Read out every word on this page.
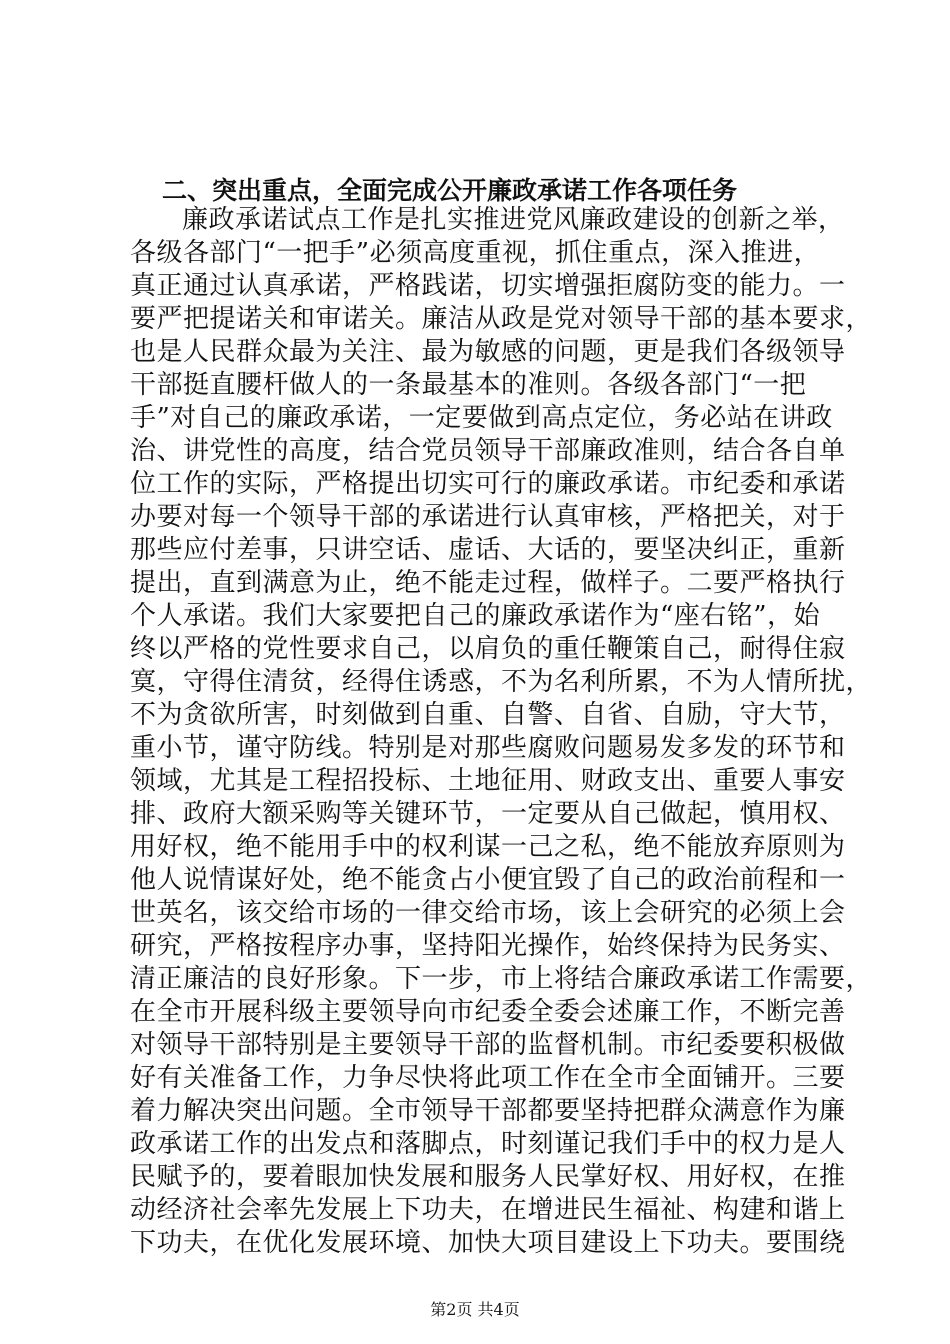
二、突出重点，全面完成公开廉政承诺工作各项任务
廉政承诺试点工作是扎实推进党风廉政建设的创新之举，
各级各部门“一把手”必须高度重视，抓住重点，深入推进，
真正通过认真承诺，严格践诺，切实增强拒腐防变的能力。一
要严把提诺关和审诺关。廉洁从政是党对领导干部的基本要求，
也是人民群众最为关注、最为敏感的问题，更是我们各级领导
干部挺直腰杆做人的一条最基本的准则。各级各部门“一把
手”对自己的廉政承诺，一定要做到高点定位，务必站在讲政
治、讲党性的高度，结合党员领导干部廉政准则，结合各自单
位工作的实际，严格提出切实可行的廉政承诺。市纪委和承诺
办要对每一个领导干部的承诺进行认真审核，严格把关，对于
那些应付差事，只讲空话、虚话、大话的，要坚决纠正，重新
提出，直到满意为止，绝不能走过程，做样子。二要严格执行
个人承诺。我们大家要把自己的廉政承诺作为“座右铭”，始
终以严格的党性要求自己，以肩负的重任鞭策自己，耐得住寂
寞，守得住清贫，经得住诱惑，不为名利所累，不为人情所扰，
不为贪欲所害，时刻做到自重、自警、自省、自励，守大节，
重小节，谨守防线。特别是对那些腐败问题易发多发的环节和
领域，尤其是工程招投标、土地征用、财政支出、重要人事安
排、政府大额采购等关键环节，一定要从自己做起，慎用权、
用好权，绝不能用手中的权利谋一己之私，绝不能放弃原则为
他人说情谋好处，绝不能贪占小便宜毁了自己的政治前程和一
世英名，该交给市场的一律交给市场，该上会研究的必须上会
研究，严格按程序办事，坚持阳光操作，始终保持为民务实、
清正廉洁的良好形象。下一步，市上将结合廉政承诺工作需要，
在全市开展科级主要领导向市纪委全委会述廉工作，不断完善
对领导干部特别是主要领导干部的监督机制。市纪委要积极做
好有关准备工作，力争尽快将此项工作在全市全面铺开。三要
着力解决突出问题。全市领导干部都要坚持把群众满意作为廉
政承诺工作的出发点和落脚点，时刻谨记我们手中的权力是人
民赋予的，要着眼加快发展和服务人民掌好权、用好权，在推
动经济社会率先发展上下功夫，在增进民生福祉、构建和谐上
下功夫，在优化发展环境、加快大项目建设上下功夫。要围绕
第2页 共4页
